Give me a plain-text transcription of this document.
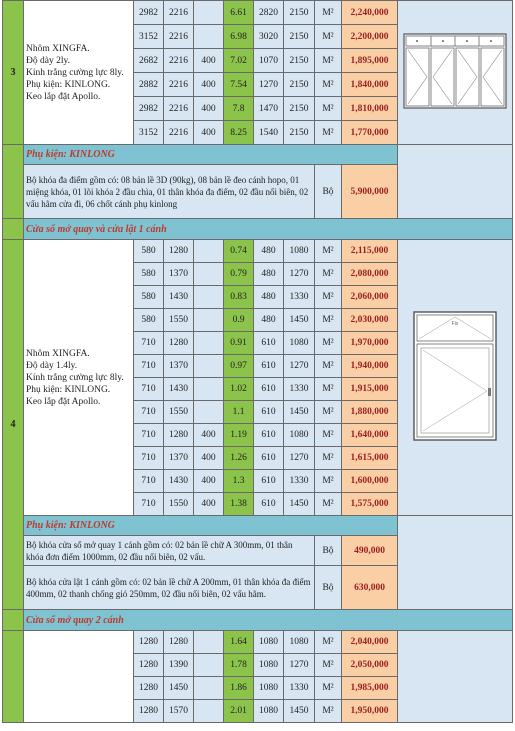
3	Nhôm XINGFA.
Độ dày 2ly.
Kính trắng cường lực 8ly.
Phụ kiện: KINLONG.
Keo lắp đặt Apollo.	2982	2216		6.61	2820	2150	M²	2,240,000	
		3152	2216		6.98	3020	2150	M²	2,200,000	
		2682	2216	400	7.02	1070	2150	M²	1,895,000	
		2882	2216	400	7.54	1270	2150	M²	1,840,000	
		2982	2216	400	7.8	1470	2150	M²	1,810,000	
		3152	2216	400	8.25	1540	2150	M²	1,770,000	
	Phụ kiện: KINLONG									
	Bộ khóa đa điểm gồm có: 08 bản lề 3D (90kg), 08 bản lề đeo cánh hopo, 01 miệng khóa, 01 lõi khóa 2 đầu chìa, 01 thân khóa đa điểm, 02 đầu nối biên, 02 vấu hãm cửa đi, 06 chốt cánh phụ kinlong							Bộ	5,900,000	
	Cửa sổ mở quay và cửa lật 1 cánh									
4	Nhôm XINGFA.
Độ dày 1.4ly.
Kính trắng cường lực 8ly.
Phụ kiện: KINLONG.
Keo lắp đặt Apollo.	580	1280		0.74	480	1080	M²	2,115,000	Fix

		580	1370		0.79	480	1270	M²	2,080,000	
		580	1430		0.83	480	1330	M²	2,060,000	
		580	1550		0.9	480	1450	M²	2,030,000	
		710	1280		0.91	610	1080	M²	1,970,000	
		710	1370		0.97	610	1270	M²	1,940,000	
		710	1430		1.02	610	1330	M²	1,915,000	
		710	1550		1.1	610	1450	M²	1,880,000	
		710	1280	400	1.19	610	1080	M²	1,640,000	
		710	1370	400	1.26	610	1270	M²	1,615,000	
		710	1430	400	1.3	610	1330	M²	1,600,000	
		710	1550	400	1.38	610	1450	M²	1,575,000	
	Phụ kiện: KINLONG									
	Bộ khóa cửa sổ mở quay 1 cánh gồm có: 02 bản lề chữ A 300mm, 01 thân khóa đơn điểm 1000mm, 02 đầu nối biên, 02 vấu.							Bộ	490,000	
	Bộ khóa cửa lật 1 cánh gồm có: 02 bản lề chữ A 200mm, 01 thân khóa đa điểm 400mm, 02 thanh chống gió 250mm, 02 đầu nối biên, 02 vấu hãm.							Bộ	630,000	
	Cửa sổ mở quay 2 cánh									
		1280	1280		1.64	1080	1080	M²	2,040,000	
		1280	1390		1.78	1080	1270	M²	2,050,000	
		1280	1450		1.86	1080	1330	M²	1,985,000	
		1280	1570		2.01	1080	1450	M²	1,950,000	
